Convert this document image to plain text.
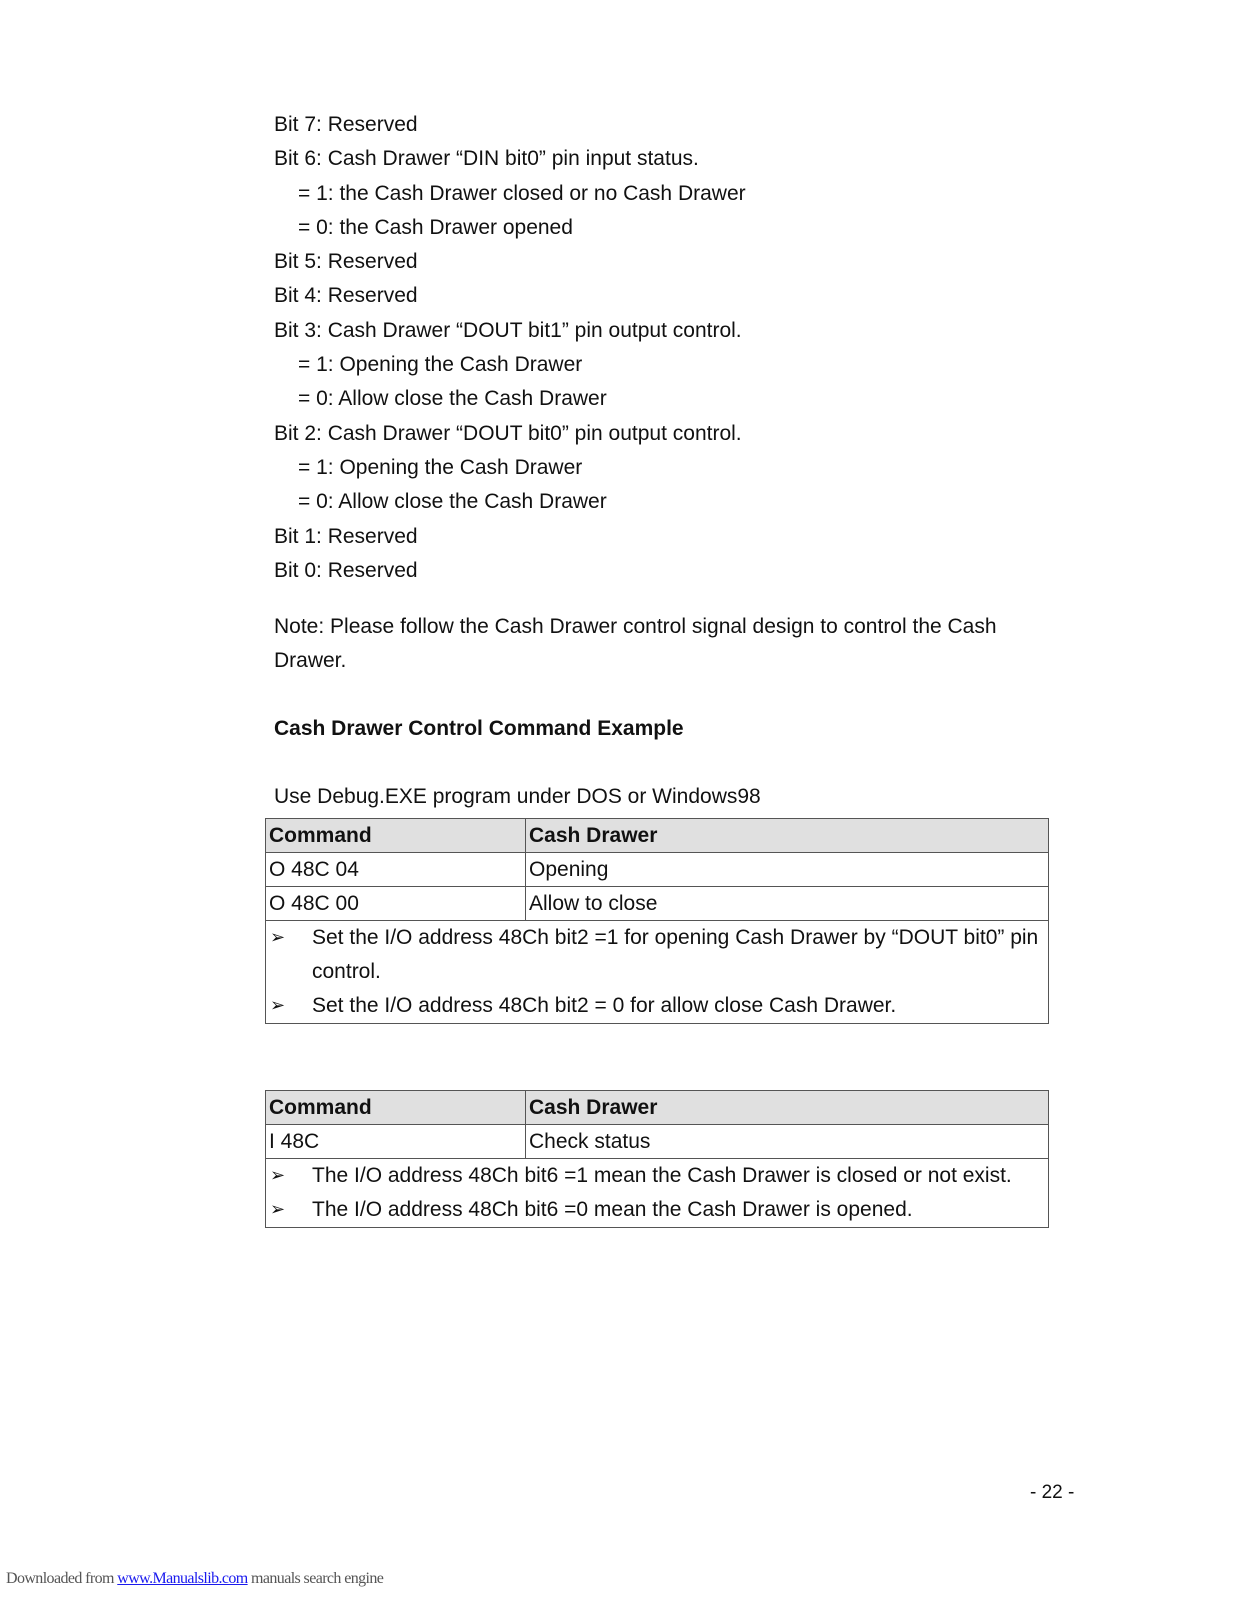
Bit 7: Reserved
Bit 6: Cash Drawer “DIN bit0” pin input status.
= 1: the Cash Drawer closed or no Cash Drawer
= 0: the Cash Drawer opened
Bit 5: Reserved
Bit 4: Reserved
Bit 3: Cash Drawer “DOUT bit1” pin output control.
= 1: Opening the Cash Drawer
= 0: Allow close the Cash Drawer
Bit 2: Cash Drawer “DOUT bit0” pin output control.
= 1: Opening the Cash Drawer
= 0: Allow close the Cash Drawer
Bit 1: Reserved
Bit 0: Reserved
Note: Please follow the Cash Drawer control signal design to control the Cash Drawer.
Cash Drawer Control Command Example
Use Debug.EXE program under DOS or Windows98
Command	Cash Drawer
O 48C 04	Opening
O 48C 00	Allow to close

➢ Set the I/O address 48Ch bit2 =1 for opening Cash Drawer by “DOUT bit0” pin control.
➢ Set the I/O address 48Ch bit2 = 0 for allow close Cash Drawer.	
Command	Cash Drawer
I 48C	Check status

➢ The I/O address 48Ch bit6 =1 mean the Cash Drawer is closed or not exist.
➢ The I/O address 48Ch bit6 =0 mean the Cash Drawer is opened.	
- 22 -
Downloaded from www.Manualslib.com manuals search engine
